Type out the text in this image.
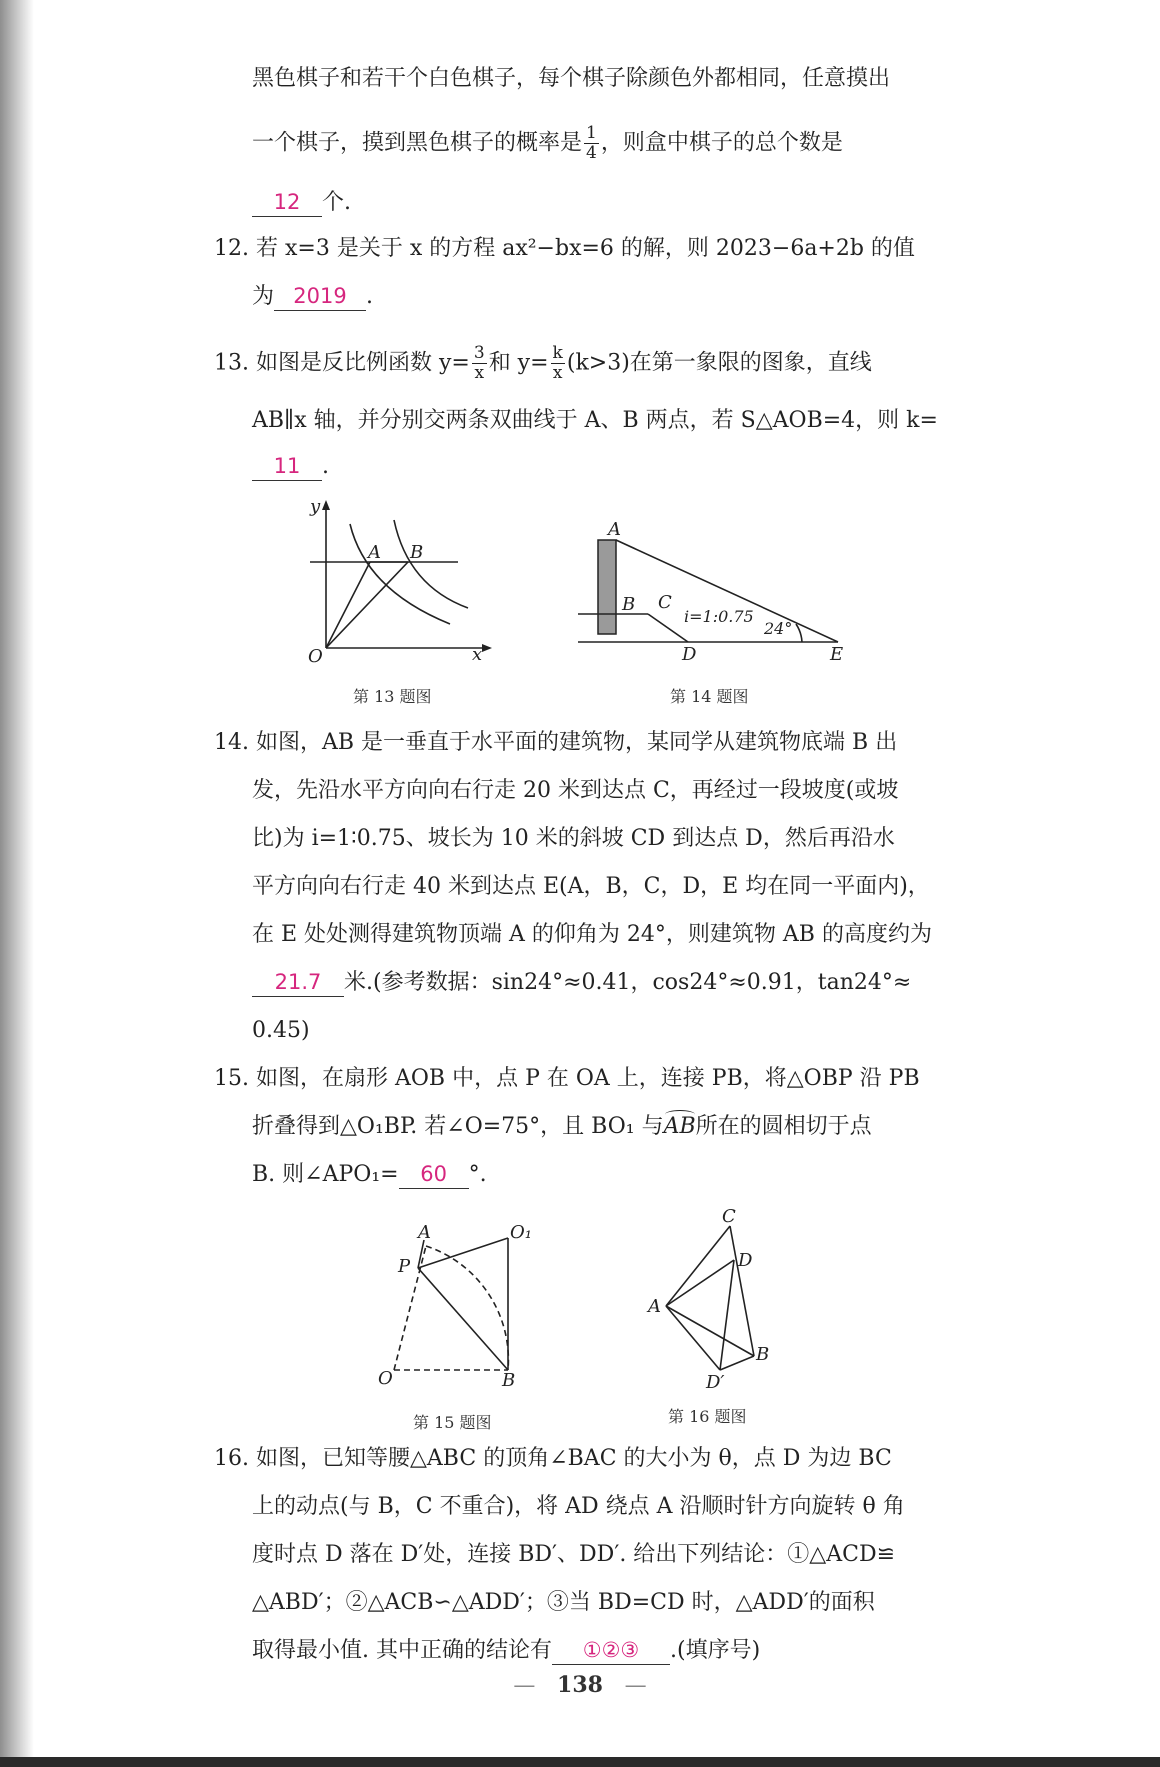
黑色棋子和若干个白色棋子，每个棋子除颜色外都相同，任意摸出
一个棋子，摸到黑色棋子的概率是 $\frac{1}{4}$ ，则盒中棋子的总个数是
12 个.
12. 若 x=3 是关于 x 的方程 ax²−bx=6 的解，则 2023−6a+2b 的值
为 2019 .
13. 如图是反比例函数 $y= \frac{3}{x}$ 和 $y= \frac{k}{x} (k>3)$在第一象限的图象，直线
AB∥x 轴，并分别交两条双曲线于 A、B 两点，若 S△AOB=4，则 k=
11 .
y
x
O
A B
第 13 题图
A
B C
i=1:0.75
24°
D	E
第 14 题图
14. 如图，AB 是一垂直于水平面的建筑物，某同学从建筑物底端 B 出
发，先沿水平方向向右行走 20 米到达点 C，再经过一段坡度(或坡
比)为 i=1∶0.75、坡长为 10 米的斜坡 CD 到达点 D，然后再沿水
平方向向右行走 40 米到达点 E(A，B，C，D，E 均在同一平面内)，
在 E 处处测得建筑物顶端 A 的仰角为 24°，则建筑物 AB 的高度约为
21.7 米.(参考数据：sin24°≈0.41，cos24°≈0.91，tan24°≈
0.45)
15. 如图，在扇形 AOB 中，点 P 在 OA 上，连接 PB，将△OBP 沿 PB
折叠得到△O₁BP. 若∠O=75°，且 BO₁ 与
AB所在的圆相切于点
B. 则∠APO₁= 60 °.
A	O₁
P
O	B
第 15 题图
C
D
A
B
D′
第 16 题图
16. 如图，已知等腰△ABC 的顶角∠BAC 的大小为 θ，点 D 为边 BC
上的动点(与 B，C 不重合)，将 AD 绕点 A 沿顺时针方向旋转 θ 角
度时点 D 落在 D′处，连接 BD′、DD′. 给出下列结论：①△ACD≌
△ABD′；②△ACB∽△ADD′；③当 BD=CD 时，△ADD′的面积
取得最小值. 其中正确的结论有 ①②③ .(填序号)
— 138 —
